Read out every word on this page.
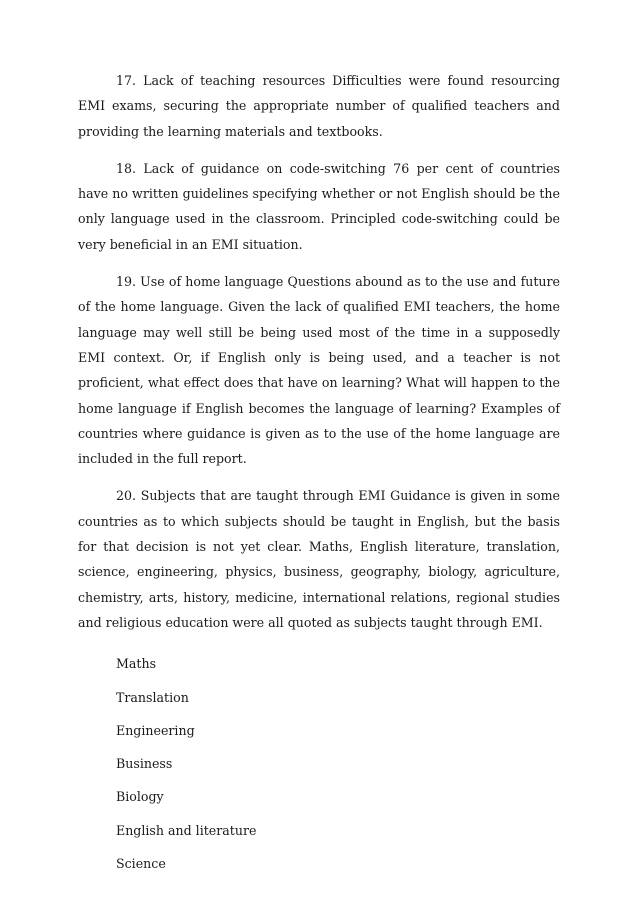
17. Lack of teaching resources Difficulties were found resourcing EMI exams, securing the appropriate number of qualified teachers and providing the learning materials and textbooks.

18. Lack of guidance on code-switching 76 per cent of countries have no written guidelines specifying whether or not English should be the only language used in the classroom. Principled code-switching could be very beneficial in an EMI situation.

19. Use of home language Questions abound as to the use and future of the home language. Given the lack of qualified EMI teachers, the home language may well still be being used most of the time in a supposedly EMI context. Or, if English only is being used, and a teacher is not proficient, what effect does that have on learning? What will happen to the home language if English becomes the language of learning? Examples of countries where guidance is given as to the use of the home language are included in the full report.

20. Subjects that are taught through EMI Guidance is given in some countries as to which subjects should be taught in English, but the basis for that decision is not yet clear. Maths, English literature, translation, science, engineering, physics, business, geography, biology, agriculture, chemistry, arts, history, medicine, international relations, regional studies and religious education were all quoted as subjects taught through EMI.

Maths
Translation
Engineering
Business
Biology
English and literature
Science
